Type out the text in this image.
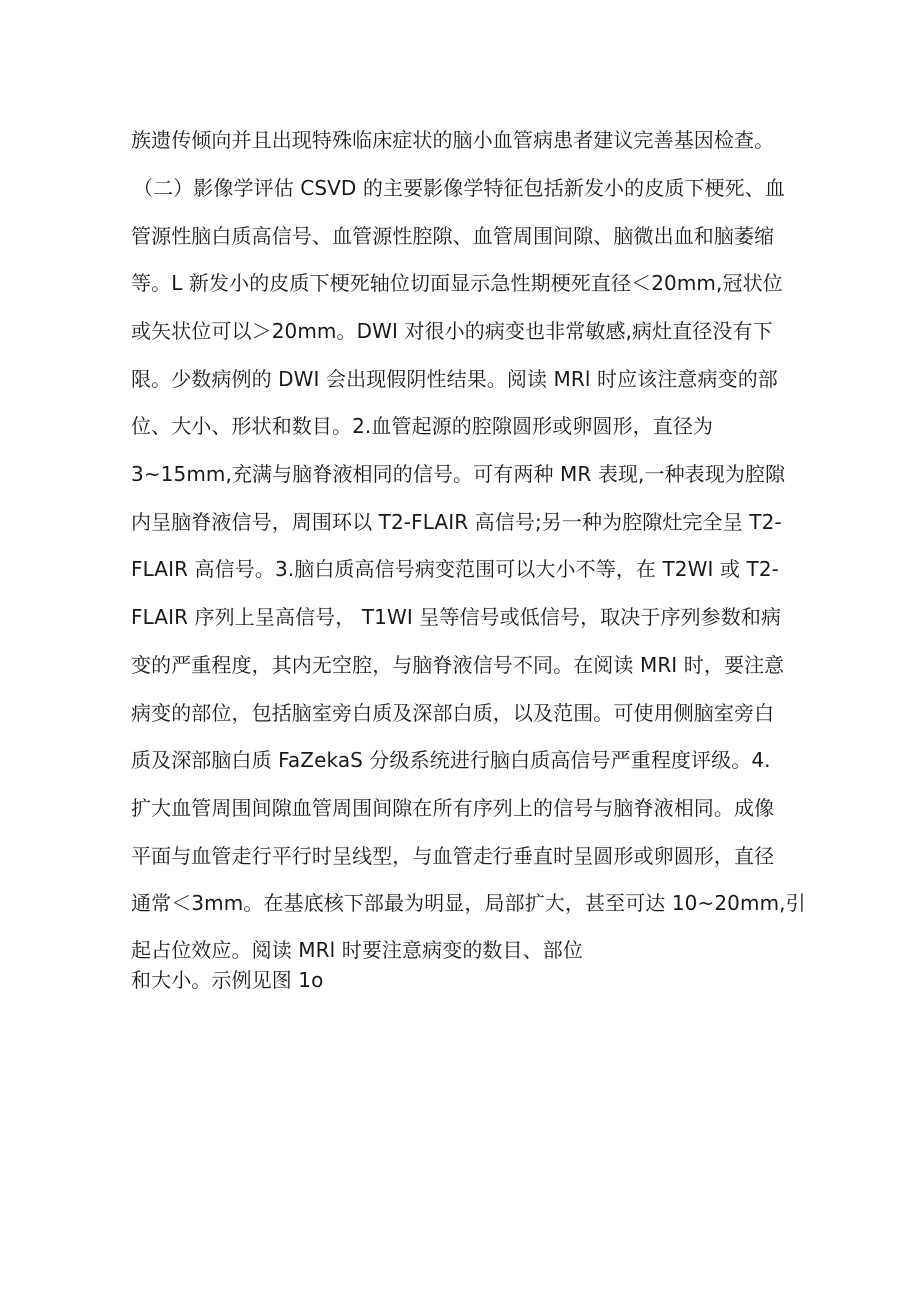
族遗传倾向并且出现特殊临床症状的脑小血管病患者建议完善基因检查。
（二）影像学评估 CSVD 的主要影像学特征包括新发小的皮质下梗死、血
管源性脑白质高信号、血管源性腔隙、血管周围间隙、脑微出血和脑萎缩
等。L 新发小的皮质下梗死轴位切面显示急性期梗死直径＜20mm,冠状位
或矢状位可以＞20mm。DWI 对很小的病变也非常敏感,病灶直径没有下
限。少数病例的 DWI 会出现假阴性结果。阅读 MRl 时应该注意病变的部
位、大小、形状和数目。2.血管起源的腔隙圆形或卵圆形，直径为
3~15mm,充满与脑脊液相同的信号。可有两种 MR 表现,一种表现为腔隙
内呈脑脊液信号，周围环以 T2-FLAIR 高信号;另一种为腔隙灶完全呈 T2-
FLAIR 高信号。3.脑白质高信号病变范围可以大小不等，在 T2WI 或 T2-
FLAIR 序列上呈高信号， T1WI 呈等信号或低信号，取决于序列参数和病
变的严重程度，其内无空腔，与脑脊液信号不同。在阅读 MRI 时，要注意
病变的部位，包括脑室旁白质及深部白质，以及范围。可使用侧脑室旁白
质及深部脑白质 FaZekaS 分级系统进行脑白质高信号严重程度评级。4.
扩大血管周围间隙血管周围间隙在所有序列上的信号与脑脊液相同。成像
平面与血管走行平行时呈线型，与血管走行垂直时呈圆形或卵圆形，直径
通常＜3mm。在基底核下部最为明显，局部扩大，甚至可达 10~20mm,引
起占位效应。阅读 MRl 时要注意病变的数目、部位
和大小。示例见图 1o
